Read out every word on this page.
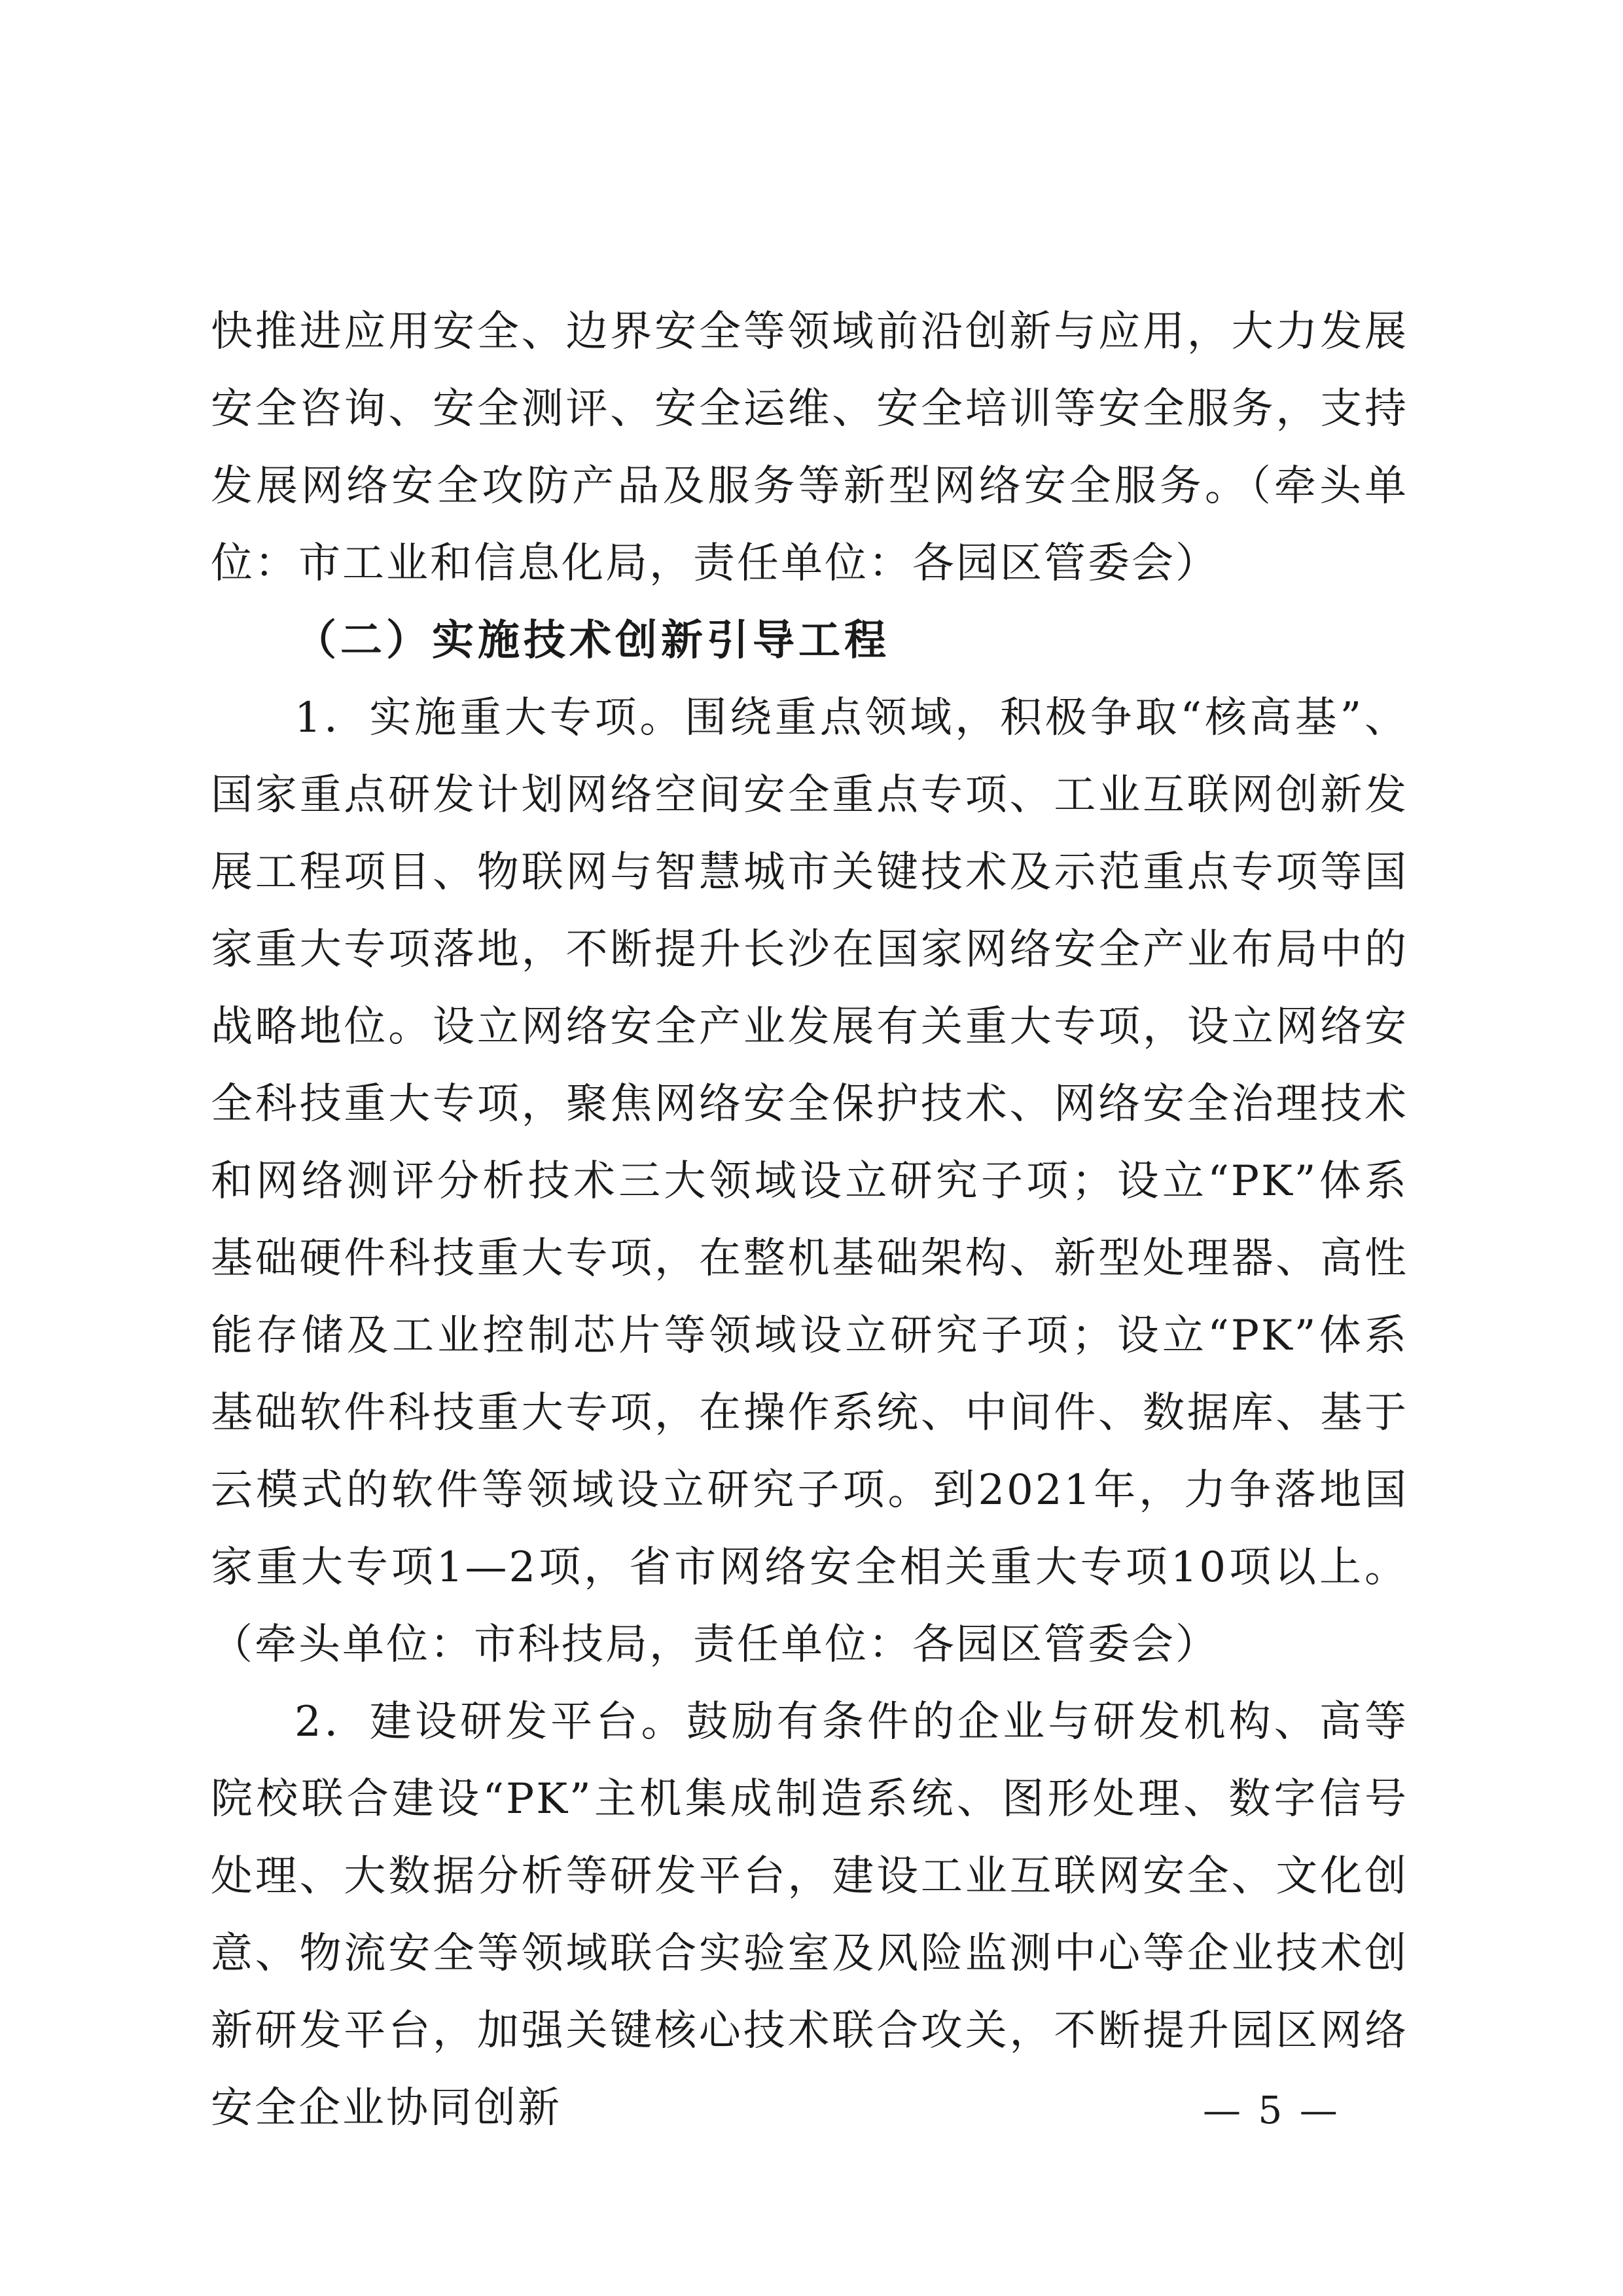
快推进应用安全、边界安全等领域前沿创新与应用，大力发展安全咨询、安全测评、安全运维、安全培训等安全服务，支持发展网络安全攻防产品及服务等新型网络安全服务。（牵头单位：市工业和信息化局，责任单位：各园区管委会）

（二）实施技术创新引导工程

1．实施重大专项。围绕重点领域，积极争取“核高基”、国家重点研发计划网络空间安全重点专项、工业互联网创新发展工程项目、物联网与智慧城市关键技术及示范重点专项等国家重大专项落地，不断提升长沙在国家网络安全产业布局中的战略地位。设立网络安全产业发展有关重大专项，设立网络安全科技重大专项，聚焦网络安全保护技术、网络安全治理技术和网络测评分析技术三大领域设立研究子项；设立“PK”体系基础硬件科技重大专项，在整机基础架构、新型处理器、高性能存储及工业控制芯片等领域设立研究子项；设立“PK”体系基础软件科技重大专项，在操作系统、中间件、数据库、基于云模式的软件等领域设立研究子项。到2021年，力争落地国家重大专项1—2项，省市网络安全相关重大专项10项以上。（牵头单位：市科技局，责任单位：各园区管委会）

2．建设研发平台。鼓励有条件的企业与研发机构、高等院校联合建设“PK”主机集成制造系统、图形处理、数字信号处理、大数据分析等研发平台，建设工业互联网安全、文化创意、物流安全等领域联合实验室及风险监测中心等企业技术创新研发平台，加强关键核心技术联合攻关，不断提升园区网络安全企业协同创新	— 5 —
